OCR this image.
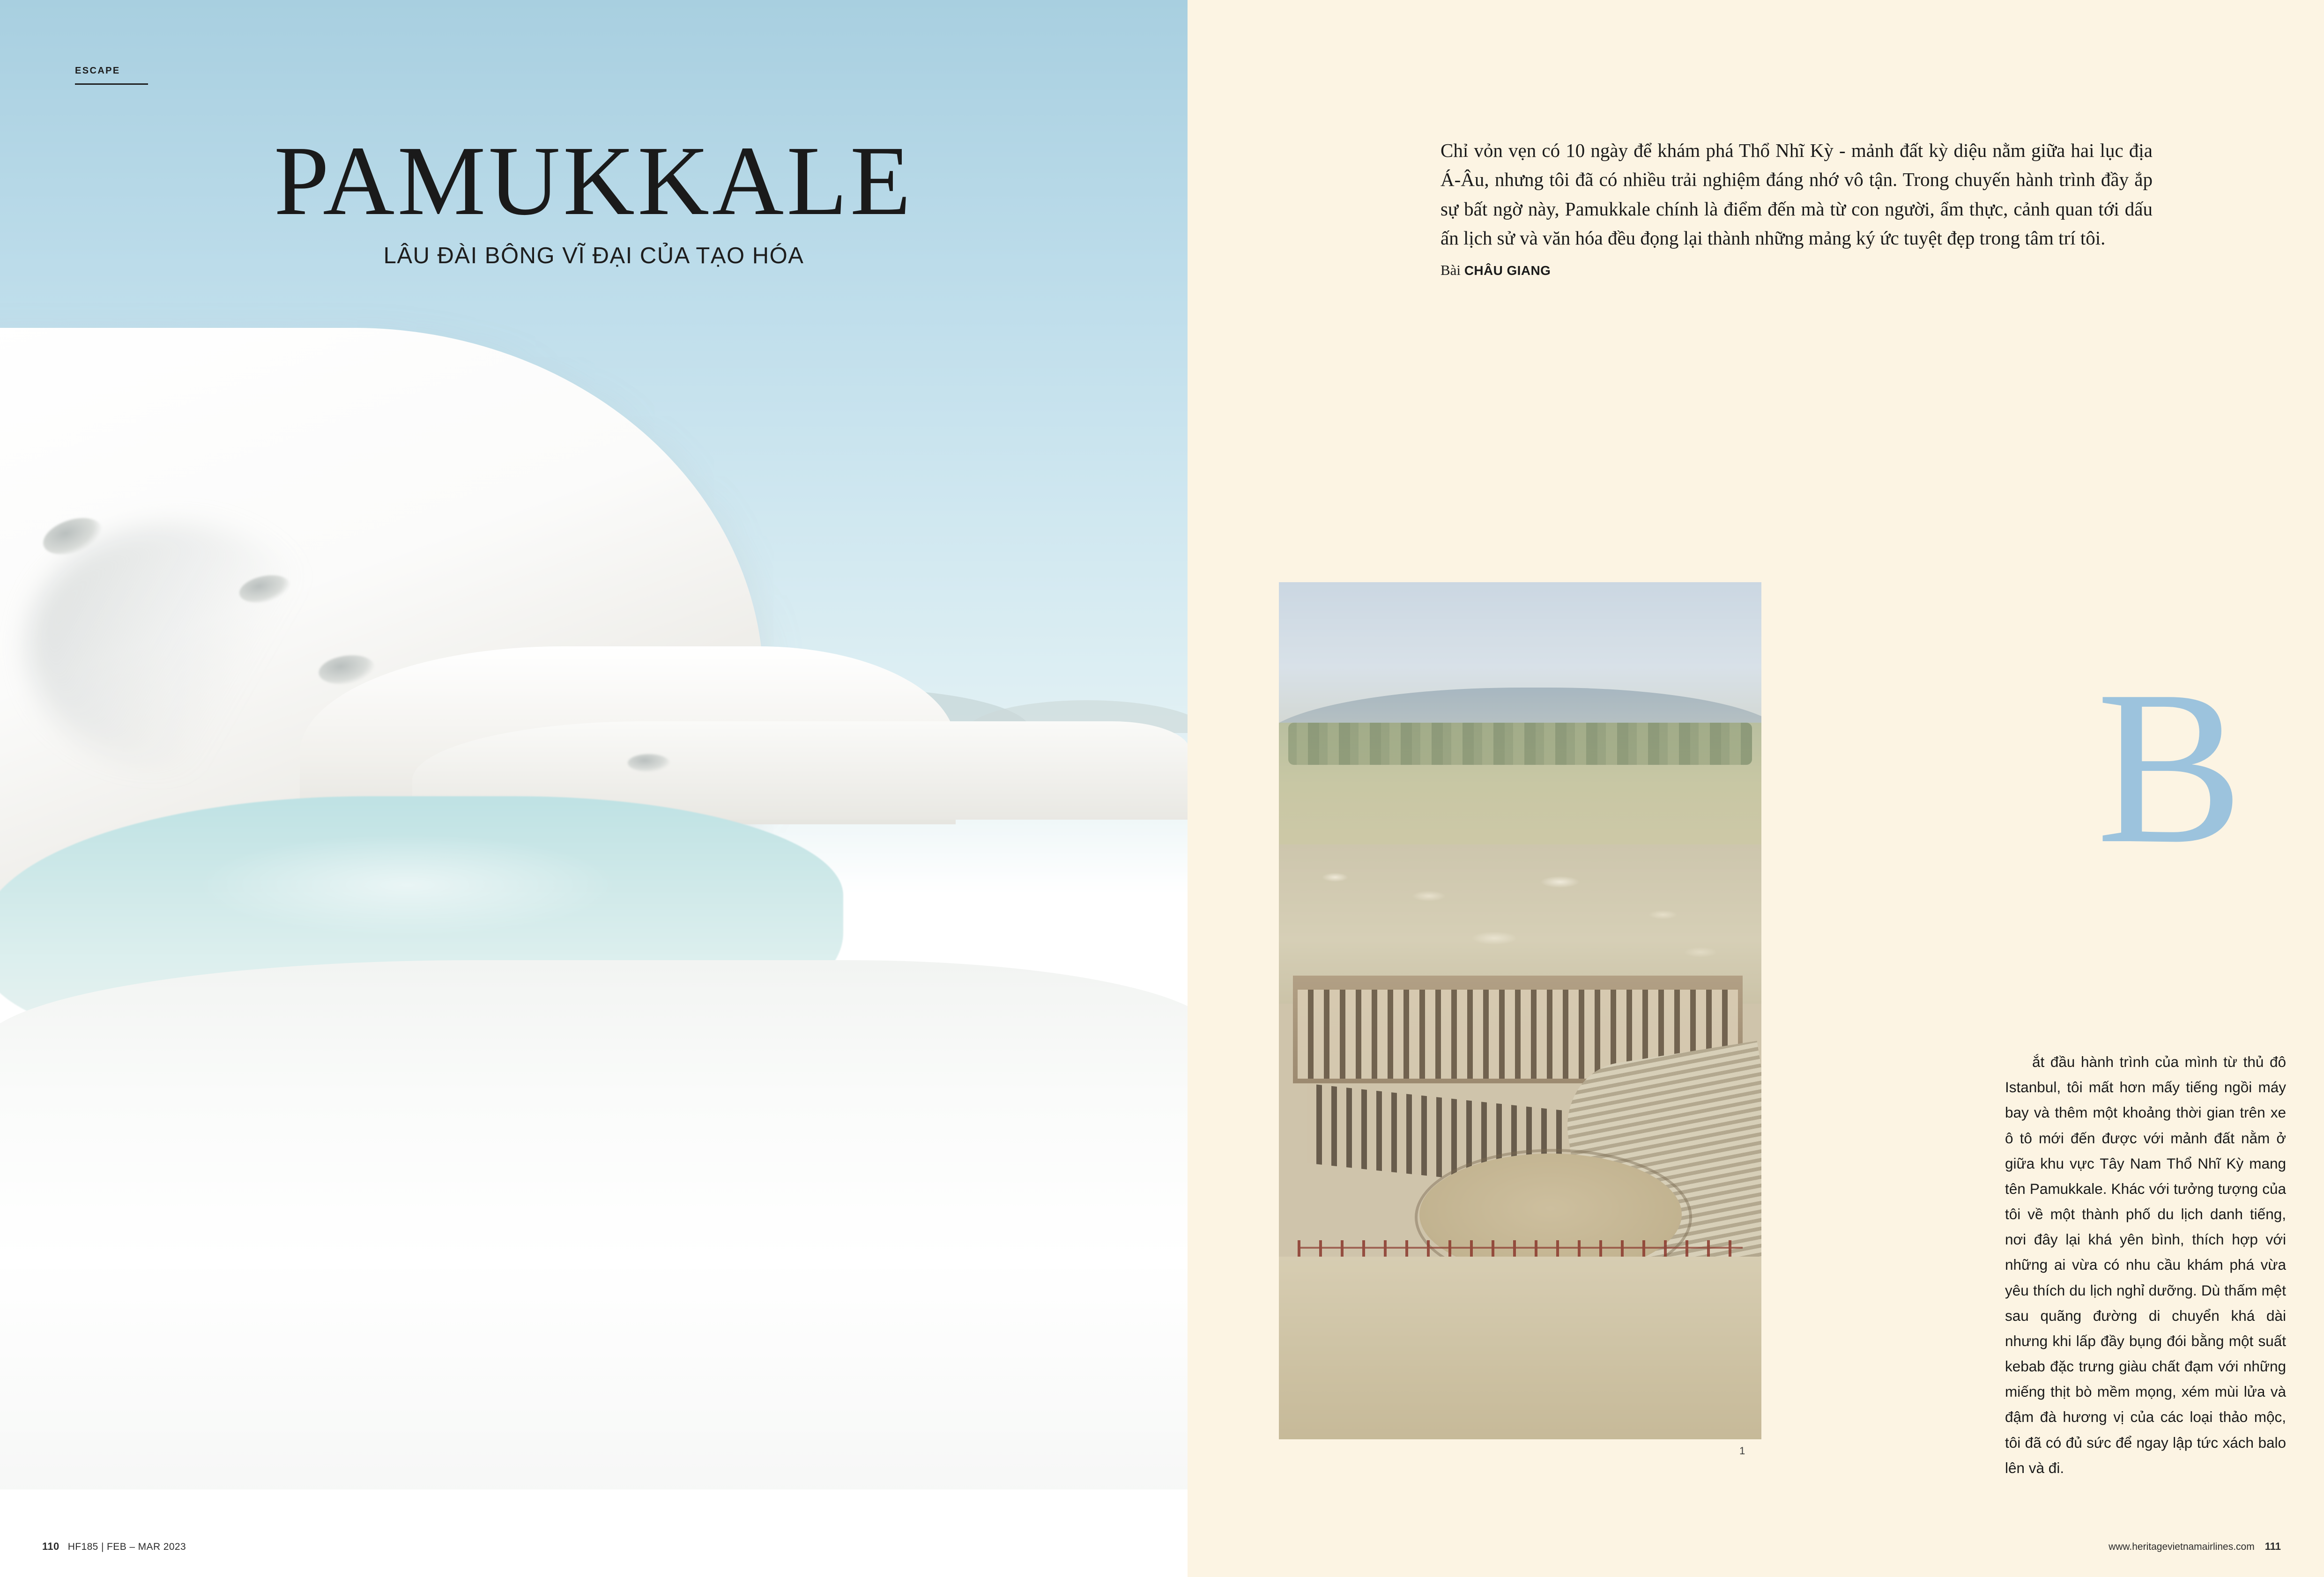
ESCAPE
PAMUKKALE
LÂU ĐÀI BÔNG VĨ ĐẠI CỦA TẠO HÓA
110 HF185 | FEB – MAR 2023
Chỉ vỏn vẹn có 10 ngày để khám phá Thổ Nhĩ Kỳ - mảnh đất kỳ diệu nằm giữa hai lục địa Á-Âu, nhưng tôi đã có nhiều trải nghiệm đáng nhớ vô tận. Trong chuyến hành trình đầy ắp sự bất ngờ này, Pamukkale chính là điểm đến mà từ con người, ẩm thực, cảnh quan tới dấu ấn lịch sử và văn hóa đều đọng lại thành những mảng ký ức tuyệt đẹp trong tâm trí tôi.
Bài CHÂU GIANG
1
B

ắt đầu hành trình của mình từ thủ đô Istanbul, tôi mất hơn mấy tiếng ngồi máy bay và thêm một khoảng thời gian trên xe ô tô mới đến được với mảnh đất nằm ở giữa khu vực Tây Nam Thổ Nhĩ Kỳ mang tên Pamukkale. Khác với tưởng tượng của tôi về một thành phố du lịch danh tiếng, nơi đây lại khá yên bình, thích hợp với những ai vừa có nhu cầu khám phá vừa yêu thích du lịch nghỉ dưỡng. Dù thấm mệt sau quãng đường di chuyển khá dài nhưng khi lấp đầy bụng đói bằng một suất kebab đặc trưng giàu chất đạm với những miếng thịt bò mềm mọng, xém mùi lửa và đậm đà hương vị của các loại thảo mộc, tôi đã có đủ sức để ngay lập tức xách balo lên và đi.

www.heritagevietnamairlines.com 111
